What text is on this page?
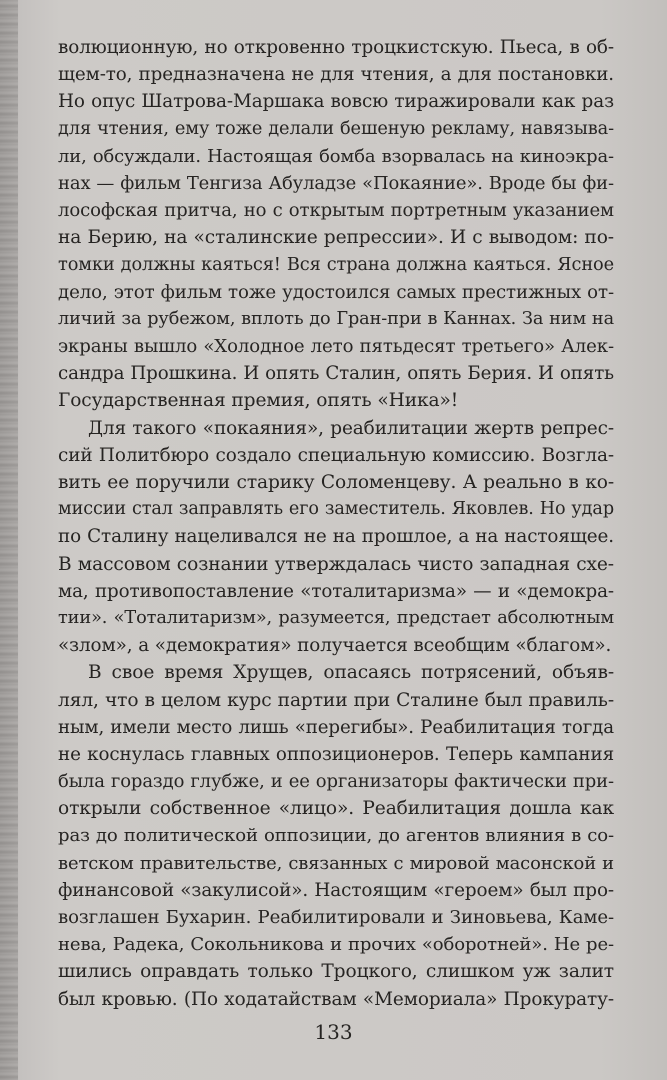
волюционную, но откровенно троцкистскую. Пьеса, в об-
щем-то, предназначена не для чтения, а для постановки.
Но опус Шатрова-Маршака вовсю тиражировали как раз
для чтения, ему тоже делали бешеную рекламу, навязыва-
ли, обсуждали. Настоящая бомба взорвалась на киноэкра-
нах — фильм Тенгиза Абуладзе «Покаяние». Вроде бы фи-
лософская притча, но с открытым портретным указанием
на Берию, на «сталинские репрессии». И с выводом: по-
томки должны каяться! Вся страна должна каяться. Ясное
дело, этот фильм тоже удостоился самых престижных от-
личий за рубежом, вплоть до Гран-при в Каннах. За ним на
экраны вышло «Холодное лето пятьдесят третьего» Алек-
сандра Прошкина. И опять Сталин, опять Берия. И опять
Государственная премия, опять «Ника»!
Для такого «покаяния», реабилитации жертв репрес-
сий Политбюро создало специальную комиссию. Возгла-
вить ее поручили старику Соломенцеву. А реально в ко-
миссии стал заправлять его заместитель. Яковлев. Но удар
по Сталину нацеливался не на прошлое, а на настоящее.
В массовом сознании утверждалась чисто западная схе-
ма, противопоставление «тоталитаризма» — и «демокра-
тии». «Тоталитаризм», разумеется, предстает абсолютным
«злом», а «демократия» получается всеобщим «благом».
В свое время Хрущев, опасаясь потрясений, объяв-
лял, что в целом курс партии при Сталине был правиль-
ным, имели место лишь «перегибы». Реабилитация тогда
не коснулась главных оппозиционеров. Теперь кампания
была гораздо глубже, и ее организаторы фактически при-
открыли собственное «лицо». Реабилитация дошла как
раз до политической оппозиции, до агентов влияния в со-
ветском правительстве, связанных с мировой масонской и
финансовой «закулисой». Настоящим «героем» был про-
возглашен Бухарин. Реабилитировали и Зиновьева, Каме-
нева, Радека, Сокольникова и прочих «оборотней». Не ре-
шились оправдать только Троцкого, слишком уж залит
был кровью. (По ходатайствам «Мемориала» Прокурату-
133
